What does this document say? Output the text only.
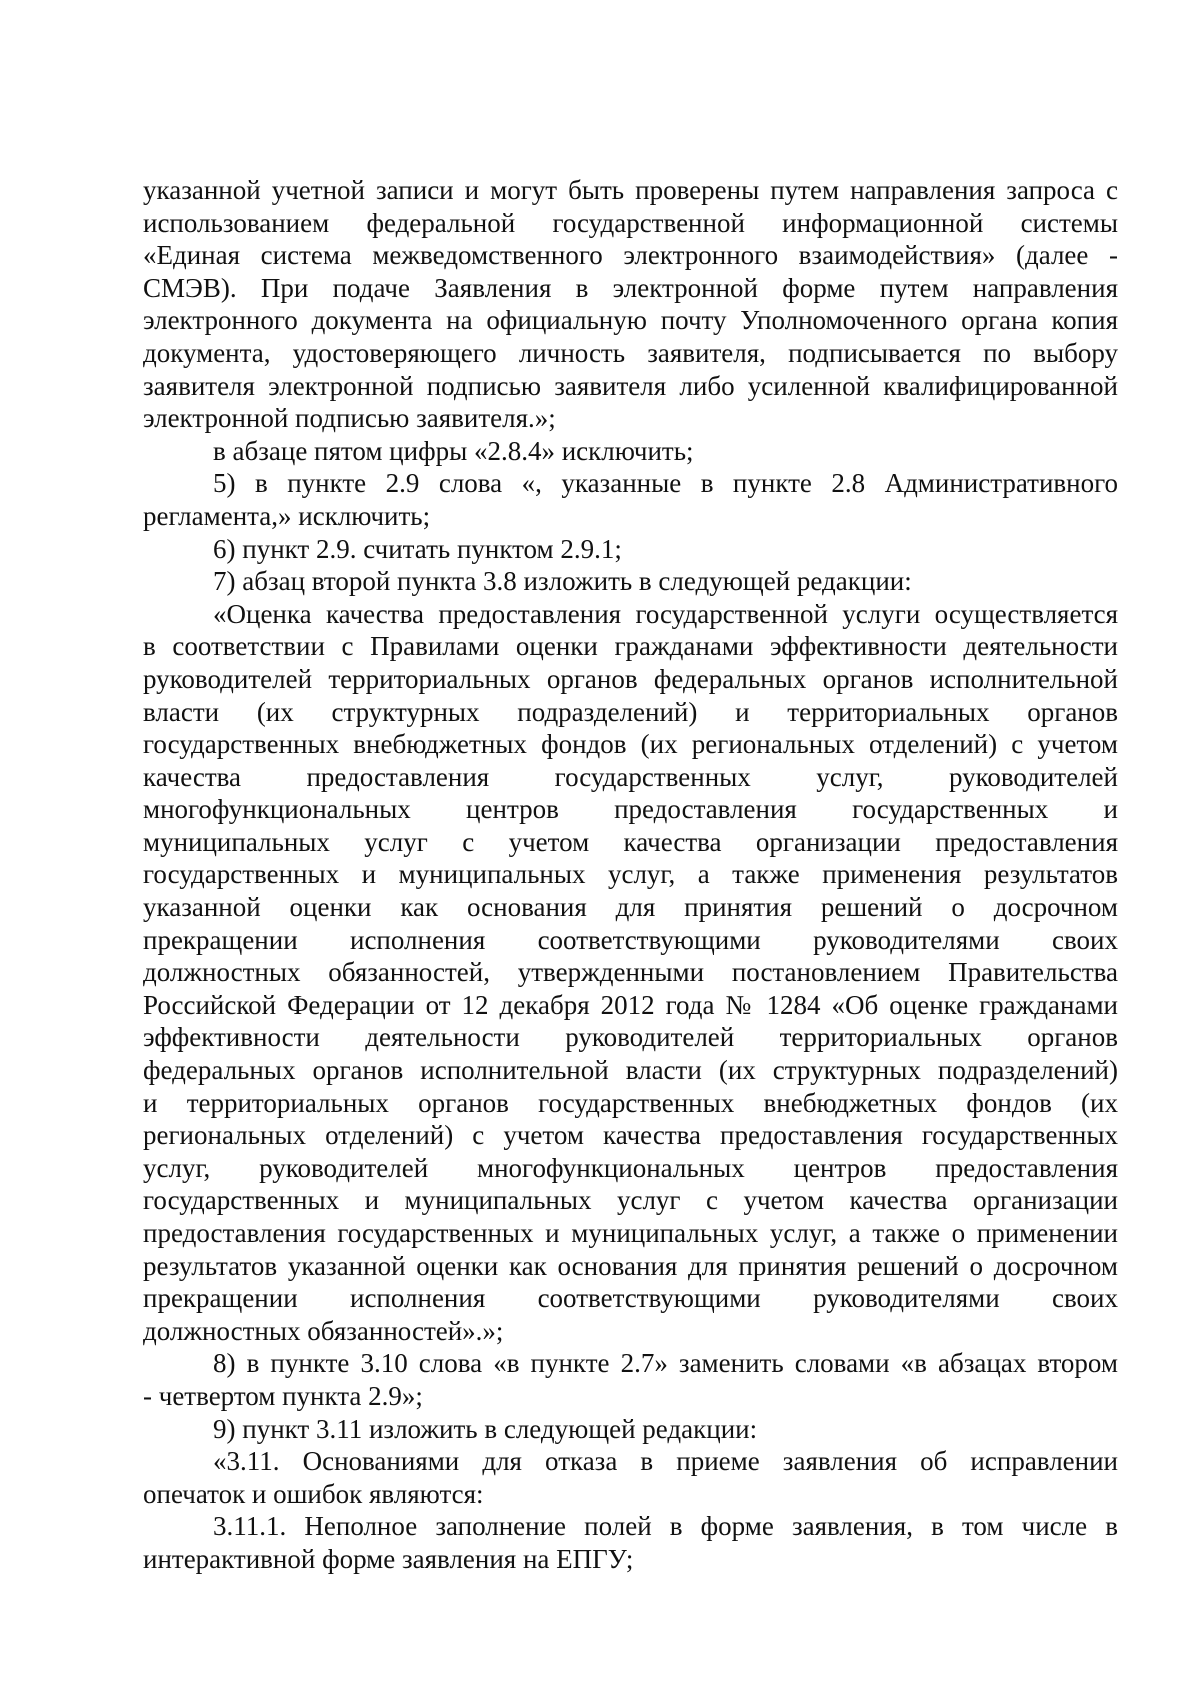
указанной учетной записи и могут быть проверены путем направления запроса с
использованием федеральной государственной информационной системы
«Единая система межведомственного электронного взаимодействия» (далее -
СМЭВ). При подаче Заявления в электронной форме путем направления
электронного документа на официальную почту Уполномоченного органа копия
документа, удостоверяющего личность заявителя, подписывается по выбору
заявителя электронной подписью заявителя либо усиленной квалифицированной
электронной подписью заявителя.»;
в абзаце пятом цифры «2.8.4» исключить;
5) в пункте 2.9 слова «, указанные в пункте 2.8 Административного
регламента,» исключить;
6) пункт 2.9. считать пунктом 2.9.1;
7) абзац второй пункта 3.8 изложить в следующей редакции:
«Оценка качества предоставления государственной услуги осуществляется
в соответствии с Правилами оценки гражданами эффективности деятельности
руководителей территориальных органов федеральных органов исполнительной
власти (их структурных подразделений) и территориальных органов
государственных внебюджетных фондов (их региональных отделений) с учетом
качества предоставления государственных услуг, руководителей
многофункциональных центров предоставления государственных и
муниципальных услуг с учетом качества организации предоставления
государственных и муниципальных услуг, а также применения результатов
указанной оценки как основания для принятия решений о досрочном
прекращении исполнения соответствующими руководителями своих
должностных обязанностей, утвержденными постановлением Правительства
Российской Федерации от 12 декабря 2012 года № 1284 «Об оценке гражданами
эффективности деятельности руководителей территориальных органов
федеральных органов исполнительной власти (их структурных подразделений)
и территориальных органов государственных внебюджетных фондов (их
региональных отделений) с учетом качества предоставления государственных
услуг, руководителей многофункциональных центров предоставления
государственных и муниципальных услуг с учетом качества организации
предоставления государственных и муниципальных услуг, а также о применении
результатов указанной оценки как основания для принятия решений о досрочном
прекращении исполнения соответствующими руководителями своих
должностных обязанностей».»;
8) в пункте 3.10 слова «в пункте 2.7» заменить словами «в абзацах втором
- четвертом пункта 2.9»;
9) пункт 3.11 изложить в следующей редакции:
«3.11. Основаниями для отказа в приеме заявления об исправлении
опечаток и ошибок являются:
3.11.1. Неполное заполнение полей в форме заявления, в том числе в
интерактивной форме заявления на ЕПГУ;
